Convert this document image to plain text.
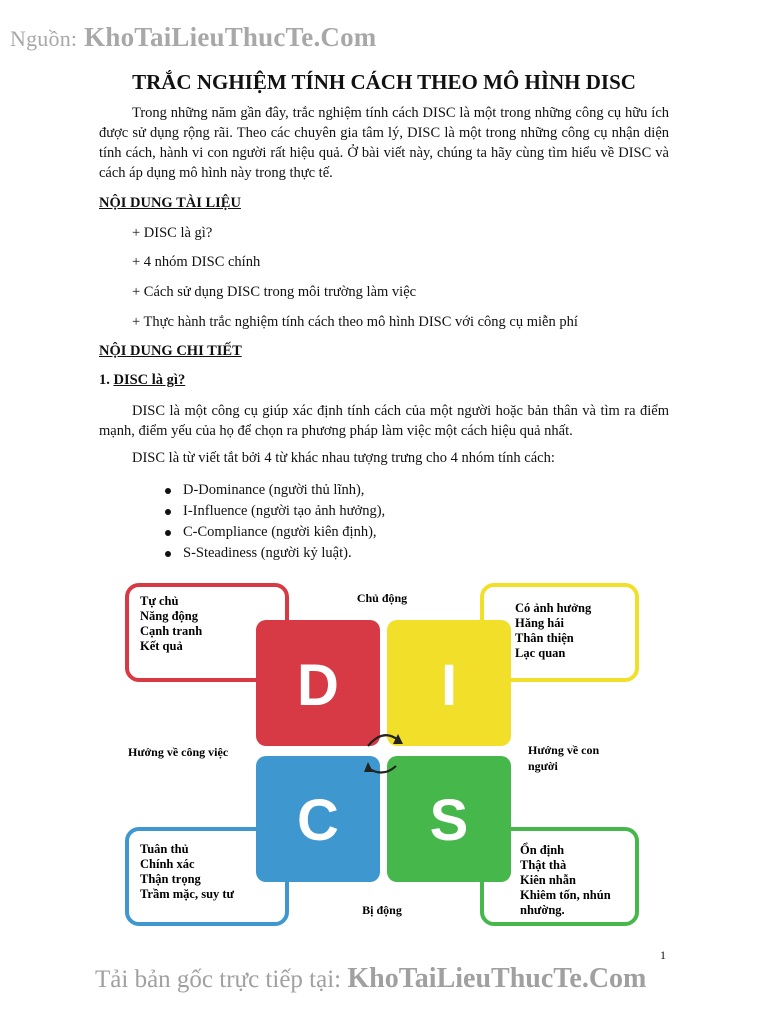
Nguồn: KhoTaiLieuThucTe.Com
TRẮC NGHIỆM TÍNH CÁCH THEO MÔ HÌNH DISC
Trong những năm gần đây, trắc nghiệm tính cách DISC là một trong những công cụ hữu ích được sử dụng rộng rãi. Theo các chuyên gia tâm lý, DISC là một trong những công cụ nhận diện tính cách, hành vi con người rất hiệu quả. Ở bài viết này, chúng ta hãy cùng tìm hiểu về DISC và cách áp dụng mô hình này trong thực tế.
NỘI DUNG TÀI LIỆU
+ DISC là gì?
+ 4 nhóm DISC chính
+ Cách sử dụng DISC trong môi trường làm việc
+ Thực hành trắc nghiệm tính cách theo mô hình DISC với công cụ miễn phí
NỘI DUNG CHI TIẾT
1. DISC là gì?
DISC là một công cụ giúp xác định tính cách của một người hoặc bản thân và tìm ra điểm mạnh, điểm yếu của họ để chọn ra phương pháp làm việc một cách hiệu quả nhất.
DISC là từ viết tắt bởi 4 từ khác nhau tượng trưng cho 4 nhóm tính cách:
D-Dominance (người thủ lĩnh),
I-Influence (người tạo ảnh hưởng),
C-Compliance (người kiên định),
S-Steadiness (người kỷ luật).
D I
C S
Chủ động
Bị động
Hướng về công việc	Hướng về con
người
Tự chủ
Năng động
Cạnh tranh
Kết quả
Có ảnh hưởng
Hăng hái
Thân thiện
Lạc quan
Tuân thủ
Chính xác
Thận trọng
Trầm mặc, suy tư
Ổn định
Thật thà
Kiên nhẫn
Khiêm tốn, nhún
nhường.
1
Tải bản gốc trực tiếp tại: KhoTaiLieuThucTe.Com
